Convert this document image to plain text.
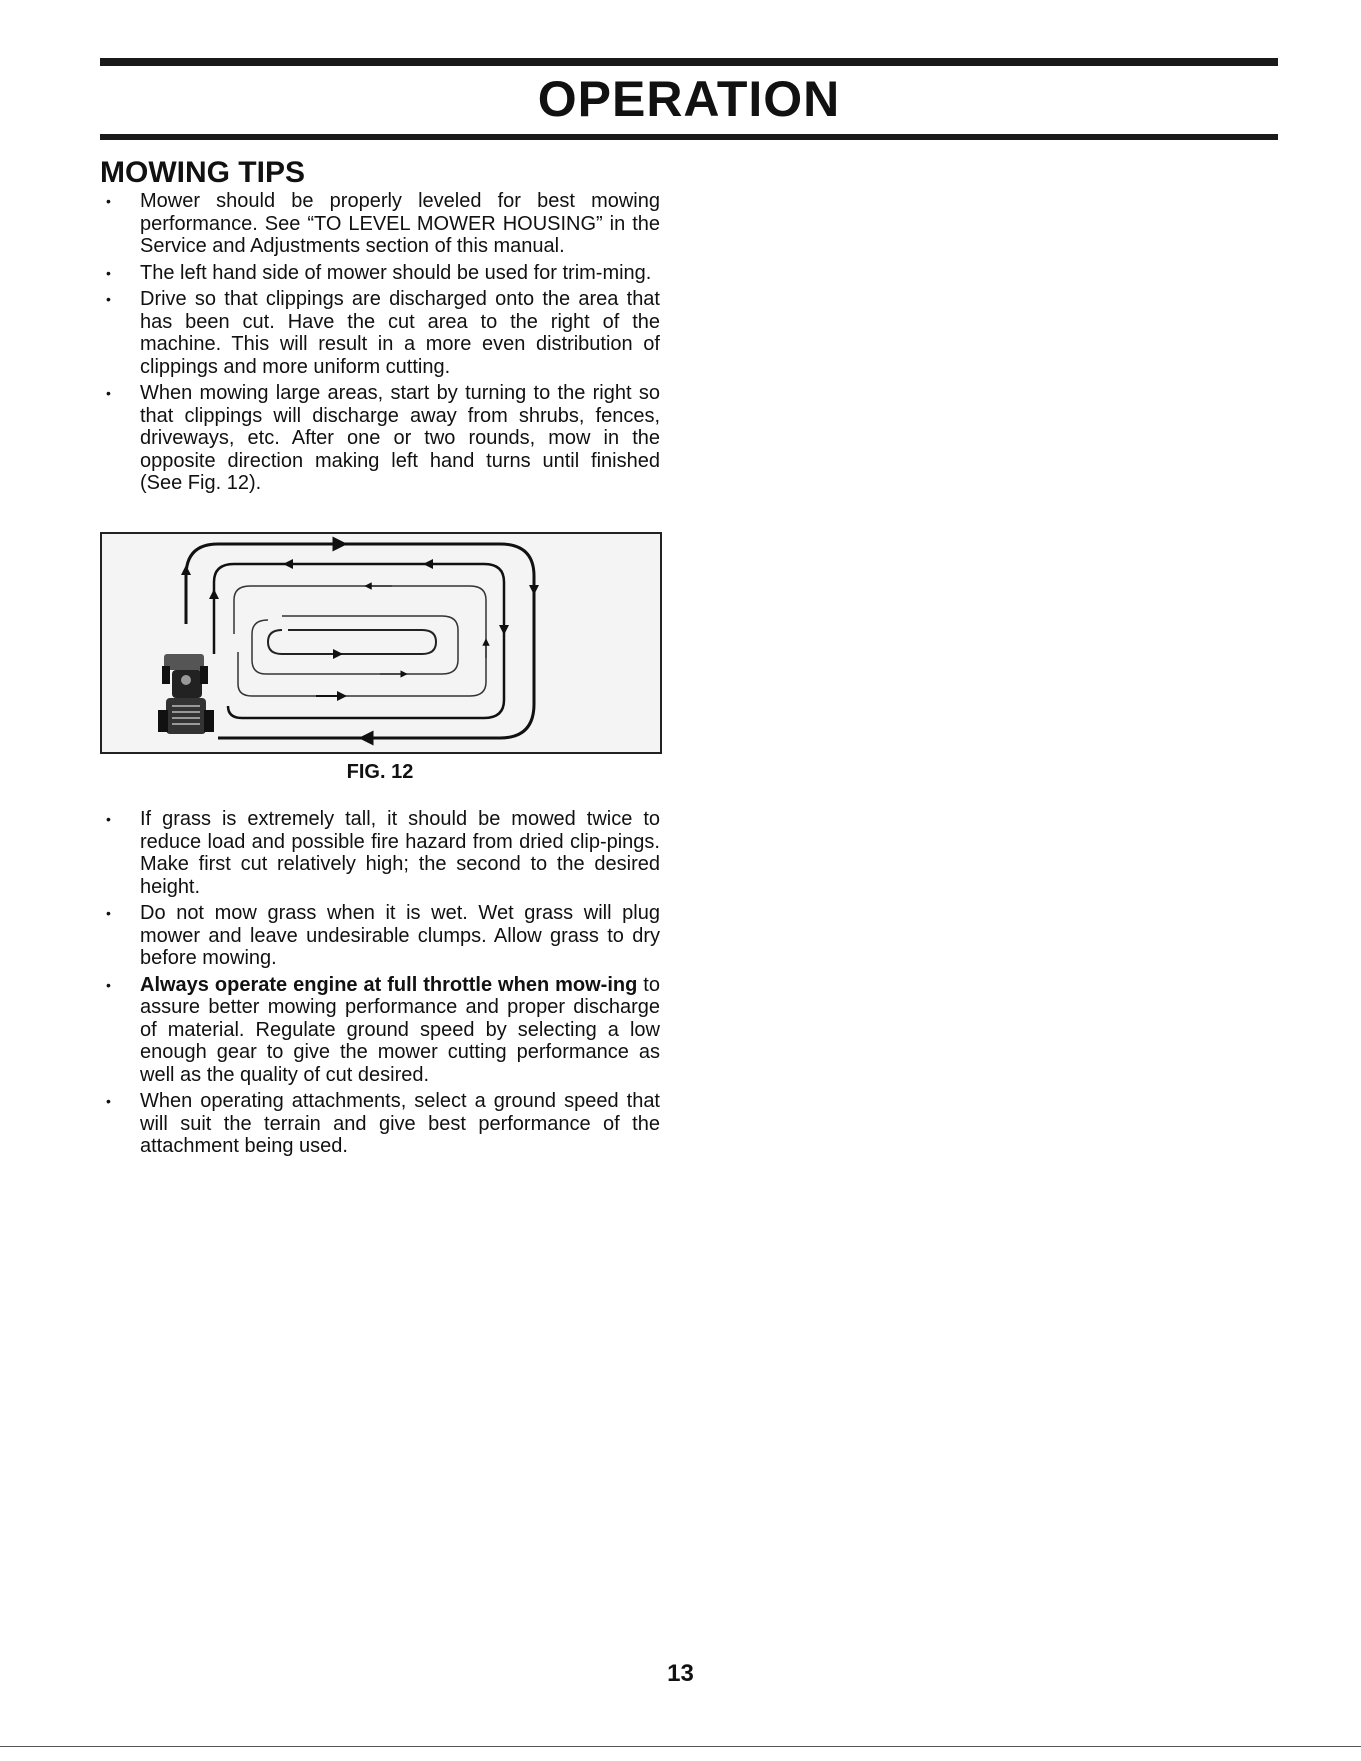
OPERATION
MOWING TIPS
• Mower should be properly leveled for best mowing performance. See “TO LEVEL MOWER HOUSING” in the Service and Adjustments section of this manual.
• The left hand side of mower should be used for trim-ming.
• Drive so that clippings are discharged onto the area that has been cut. Have the cut area to the right of the machine. This will result in a more even distribution of clippings and more uniform cutting.
• When mowing large areas, start by turning to the right so that clippings will discharge away from shrubs, fences, driveways, etc. After one or two rounds, mow in the opposite direction making left hand turns until finished (See Fig. 12).

FIG. 12

• If grass is extremely tall, it should be mowed twice to reduce load and possible fire hazard from dried clip-pings. Make first cut relatively high; the second to the desired height.
• Do not mow grass when it is wet. Wet grass will plug mower and leave undesirable clumps. Allow grass to dry before mowing.
• Always operate engine at full throttle when mow-ing to assure better mowing performance and proper discharge of material. Regulate ground speed by selecting a low enough gear to give the mower cutting performance as well as the quality of cut desired.
• When operating attachments, select a ground speed that will suit the terrain and give best performance of the attachment being used.
13
